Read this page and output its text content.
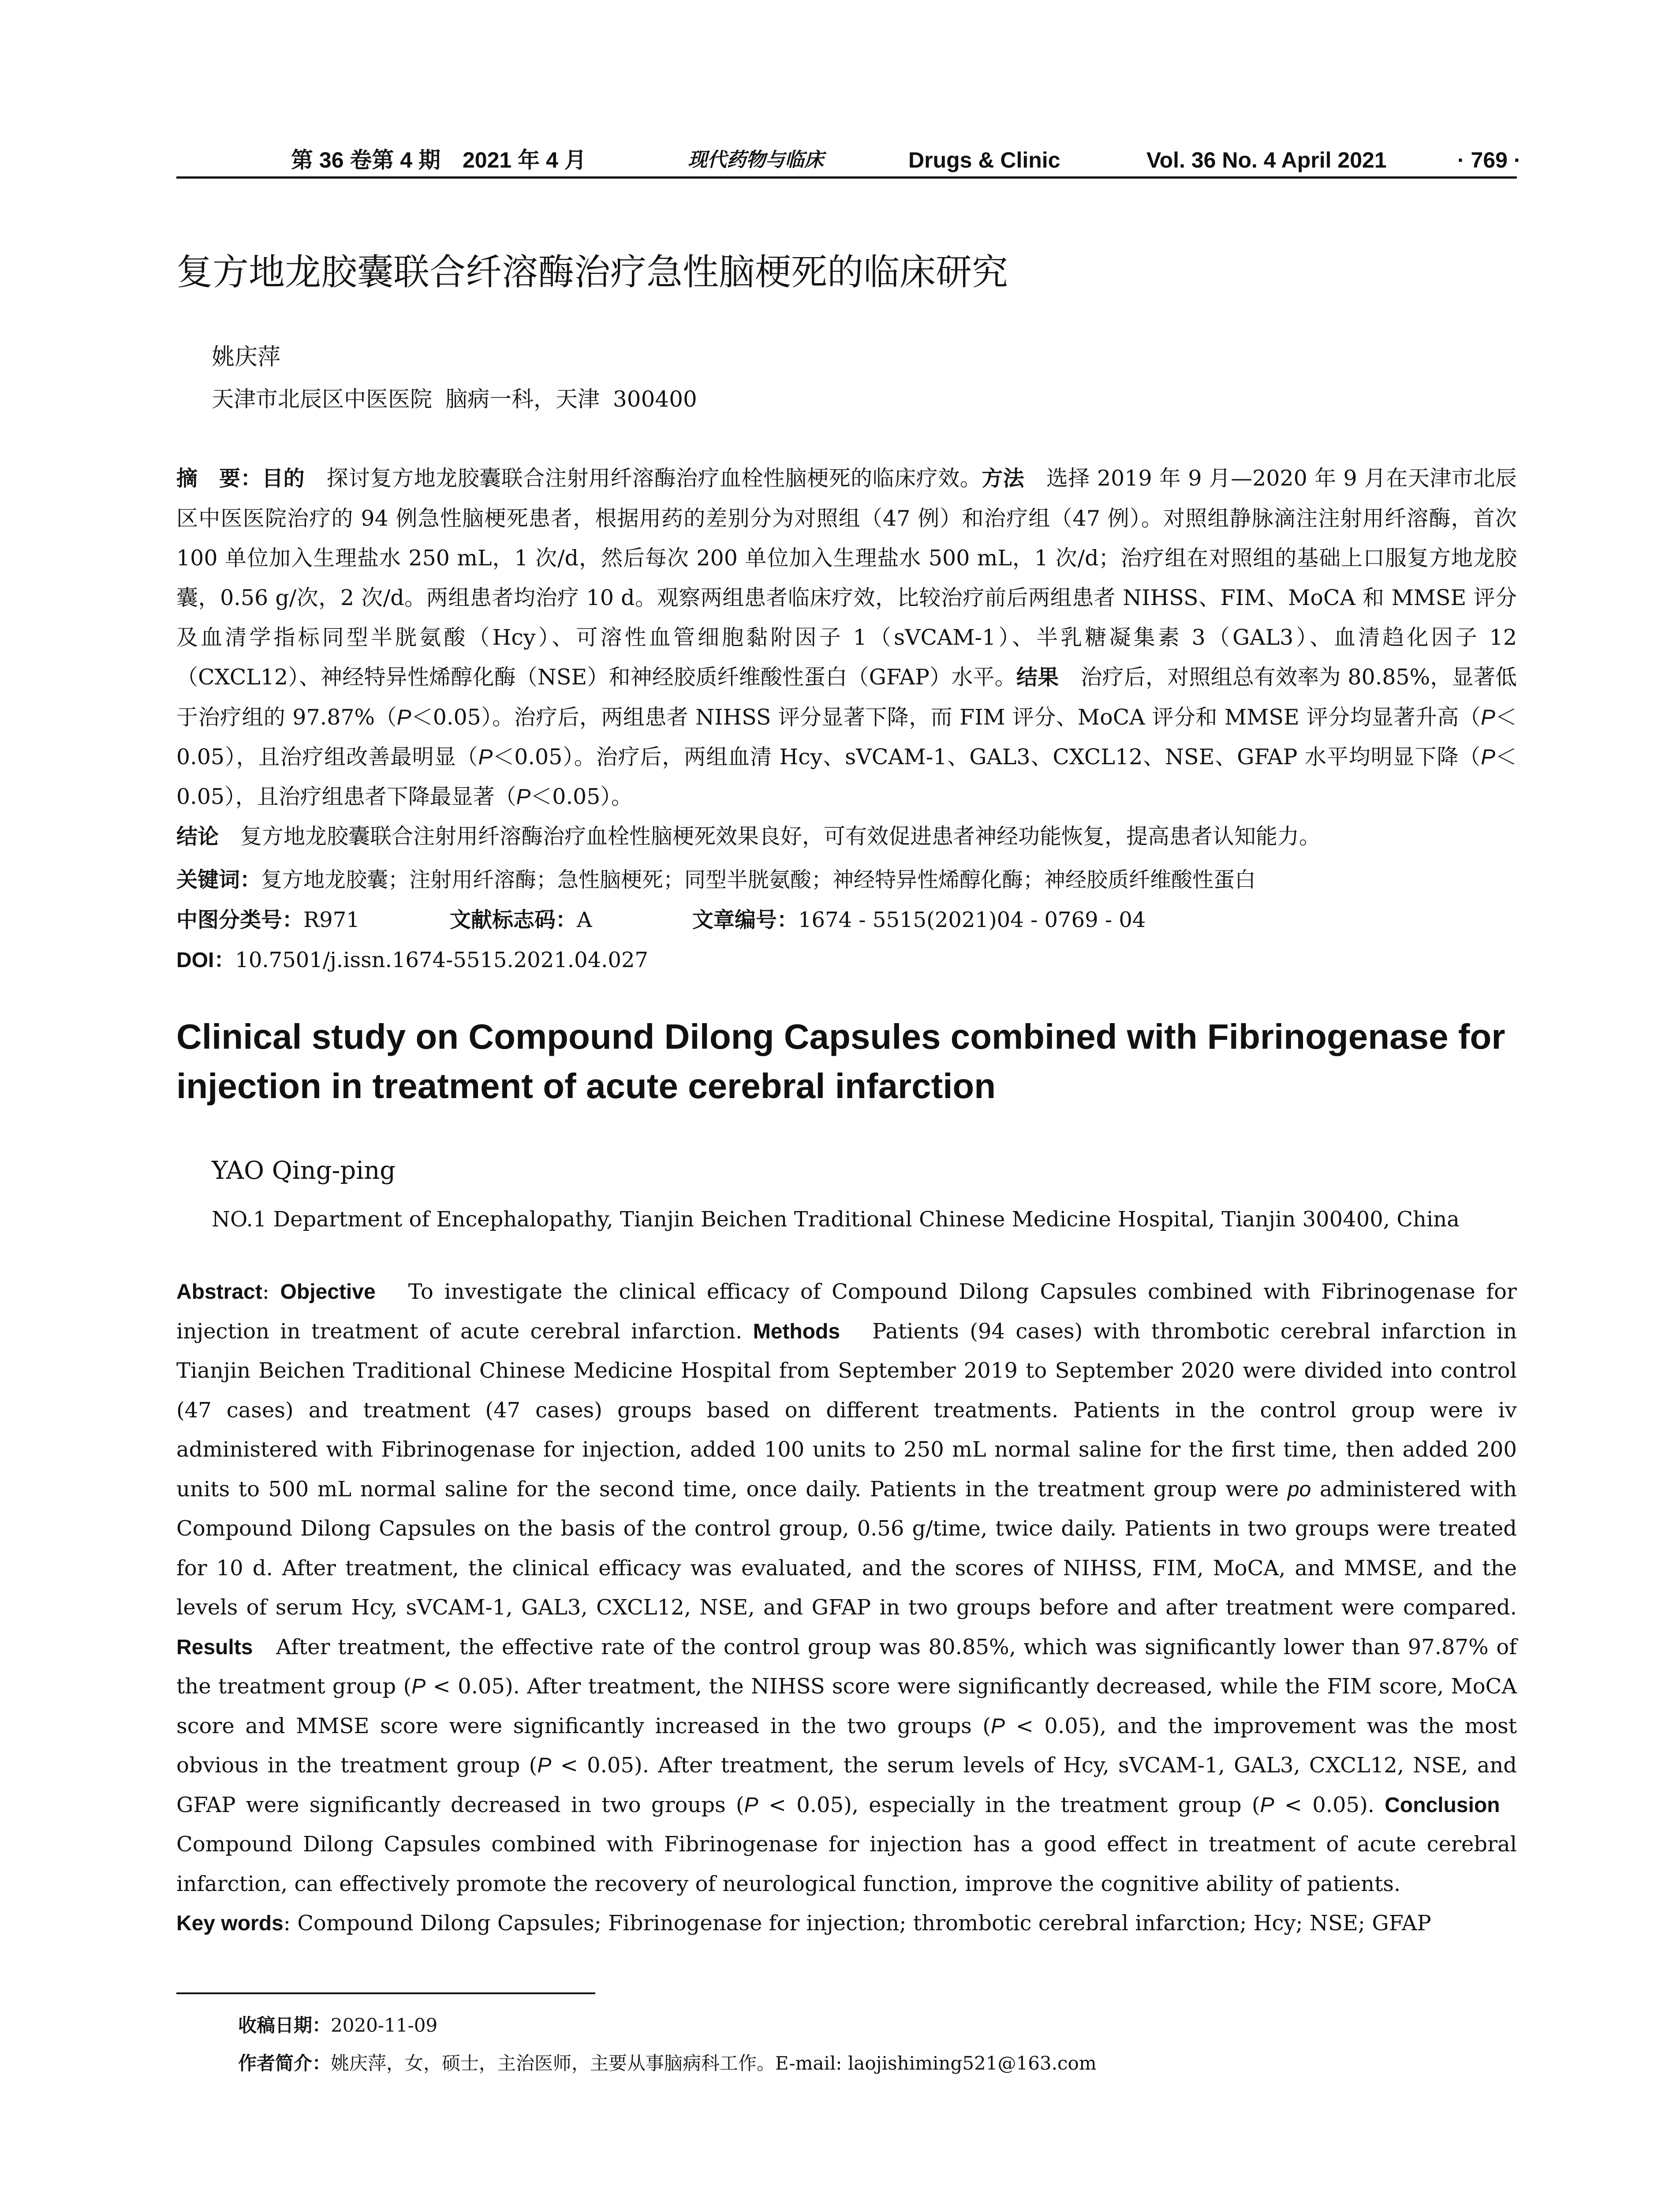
第 36 卷第 4 期　2021 年 4 月	现代药物与临床	Drugs & Clinic	Vol. 36 No. 4 April 2021	· 769 ·
复方地龙胶囊联合纤溶酶治疗急性脑梗死的临床研究
姚庆萍
天津市北辰区中医医院 脑病一科，天津 300400
摘　要：目的　 探讨复方地龙胶囊联合注射用纤溶酶治疗血栓性脑梗死的临床疗效。方法　 选择 2019 年 9 月—2020 年 9 月在天津市北辰区中医医院治疗的 94 例急性脑梗死患者，根据用药的差别分为对照组（47 例）和治疗组（47 例）。对照组静脉滴注注射用纤溶酶，首次 100 单位加入生理盐水 250 mL，1 次/d，然后每次 200 单位加入生理盐水 500 mL，1 次/d；治疗组在对照组的基础上口服复方地龙胶囊，0.56 g/次，2 次/d。两组患者均治疗 10 d。观察两组患者临床疗效，比较治疗前后两组患者 NIHSS、FIM、MoCA 和 MMSE 评分及血清学指标同型半胱氨酸（Hcy）、可溶性血管细胞黏附因子 1（sVCAM-1）、半乳糖凝集素 3（GAL3）、血清趋化因子 12（CXCL12）、神经特异性烯醇化酶（NSE）和神经胶质纤维酸性蛋白（GFAP）水平。结果　 治疗后，对照组总有效率为 80.85%，显著低于治疗组的 97.87%（P＜0.05）。治疗后，两组患者 NIHSS 评分显著下降，而 FIM 评分、MoCA 评分和 MMSE 评分均显著升高（P＜0.05），且治疗组改善最明显（P＜0.05）。治疗后，两组血清 Hcy、sVCAM-1、GAL3、CXCL12、NSE、GFAP 水平均明显下降（P＜0.05），且治疗组患者下降最显著（P＜0.05）。
结论　 复方地龙胶囊联合注射用纤溶酶治疗血栓性脑梗死效果良好，可有效促进患者神经功能恢复，提高患者认知能力。
关键词：复方地龙胶囊；注射用纤溶酶；急性脑梗死；同型半胱氨酸；神经特异性烯醇化酶；神经胶质纤维酸性蛋白
中图分类号：R971	文献标志码：A	文章编号：1674 - 5515(2021)04 - 0769 - 04
DOI：10.7501/j.issn.1674-5515.2021.04.027
Clinical study on Compound Dilong Capsules combined with Fibrinogenase for injection in treatment of acute cerebral infarction
YAO Qing-ping
NO.1 Department of Encephalopathy, Tianjin Beichen Traditional Chinese Medicine Hospital, Tianjin 300400, China
Abstract: Objective To investigate the clinical efficacy of Compound Dilong Capsules combined with Fibrinogenase for injection in treatment of acute cerebral infarction. Methods Patients (94 cases) with thrombotic cerebral infarction in Tianjin Beichen Traditional Chinese Medicine Hospital from September 2019 to September 2020 were divided into control (47 cases) and treatment (47 cases) groups based on different treatments. Patients in the control group were iv administered with Fibrinogenase for injection, added 100 units to 250 mL normal saline for the first time, then added 200 units to 500 mL normal saline for the second time, once daily. Patients in the treatment group were po administered with Compound Dilong Capsules on the basis of the control group, 0.56 g/time, twice daily. Patients in two groups were treated for 10 d. After treatment, the clinical efficacy was evaluated, and the scores of NIHSS, FIM, MoCA, and MMSE, and the levels of serum Hcy, sVCAM-1, GAL3, CXCL12, NSE, and GFAP in two groups before and after treatment were compared. Results After treatment, the effective rate of the control group was 80.85%, which was significantly lower than 97.87% of the treatment group (P < 0.05). After treatment, the NIHSS score were significantly decreased, while the FIM score, MoCA score and MMSE score were significantly increased in the two groups (P < 0.05), and the improvement was the most obvious in the treatment group (P < 0.05). After treatment, the serum levels of Hcy, sVCAM-1, GAL3, CXCL12, NSE, and GFAP were significantly decreased in two groups (P < 0.05), especially in the treatment group (P < 0.05). Conclusion   Compound Dilong Capsules combined with Fibrinogenase for injection has a good effect in treatment of acute cerebral infarction, can effectively promote the recovery of neurological function, improve the cognitive ability of patients.
Key words: Compound Dilong Capsules; Fibrinogenase for injection; thrombotic cerebral infarction; Hcy; NSE; GFAP
收稿日期：2020-11-09
作者简介：姚庆萍，女，硕士，主治医师，主要从事脑病科工作。E-mail: laojishiming521@163.com
